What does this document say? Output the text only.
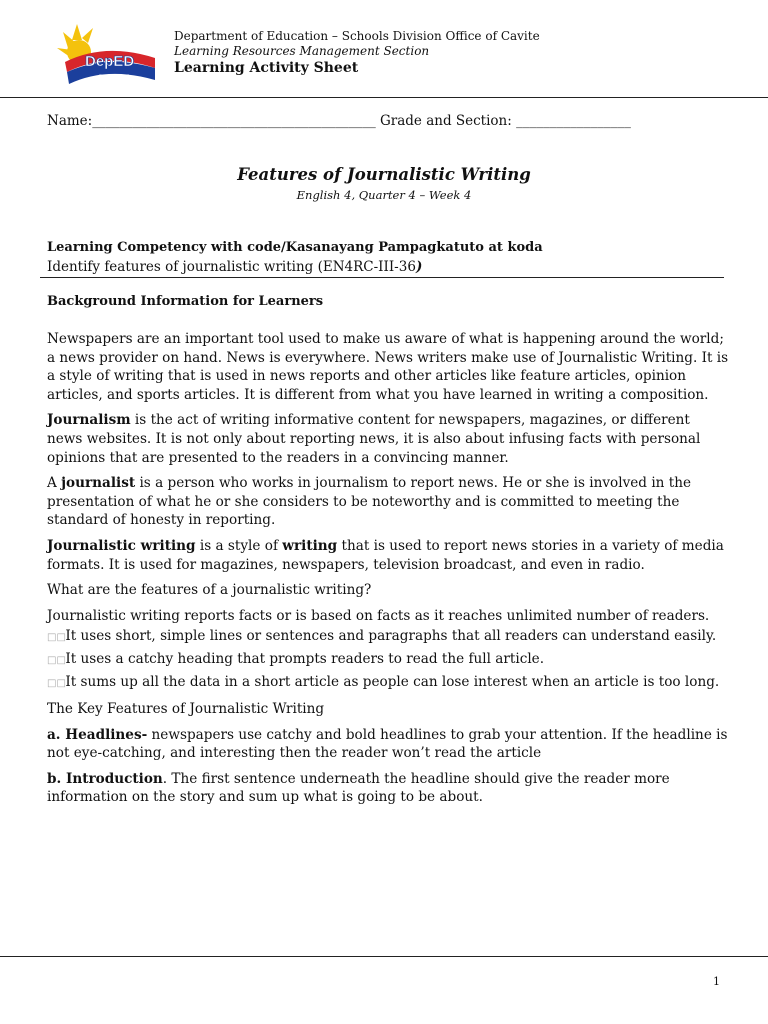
DepED
CAVITE
Department of Education – Schools Division Office of Cavite
Learning Resources Management Section
Learning Activity Sheet
Name:__________________________________________ Grade and Section: _________________
Features of Journalistic Writing
English 4, Quarter 4 – Week 4
Learning Competency with code/Kasanayang Pampagkatuto at koda
Identify features of journalistic writing (EN4RC-III-36)
Background Information for Learners

Newspapers are an important tool used to make us aware of what is happening around the world; a news provider on hand. News is everywhere. News writers make use of Journalistic Writing. It is a style of writing that is used in news reports and other articles like feature articles, opinion articles, and sports articles. It is different from what you have learned in writing a composition.

Journalism is the act of writing informative content for newspapers, magazines, or different news websites. It is not only about reporting news, it is also about infusing facts with personal opinions that are presented to the readers in a convincing manner.

A journalist is a person who works in journalism to report news. He or she is involved in the presentation of what he or she considers to be noteworthy and is committed to meeting the standard of honesty in reporting.

Journalistic writing is a style of writing that is used to report news stories in a variety of media formats. It is used for magazines, newspapers, television broadcast, and even in radio.

What are the features of a journalistic writing?

Journalistic writing reports facts or is based on facts as it reaches unlimited number of readers.

□□ It uses short, simple lines or sentences and paragraphs that all readers can understand easily.

□□ It uses a catchy heading that prompts readers to read the full article.

□□ It sums up all the data in a short article as people can lose interest when an article is too long.

The Key Features of Journalistic Writing

a. Headlines- newspapers use catchy and bold headlines to grab your attention. If the headline is not eye-catching, and interesting then the reader won’t read the article

b. Introduction. The first sentence underneath the headline should give the reader more information on the story and sum up what is going to be about.

1
